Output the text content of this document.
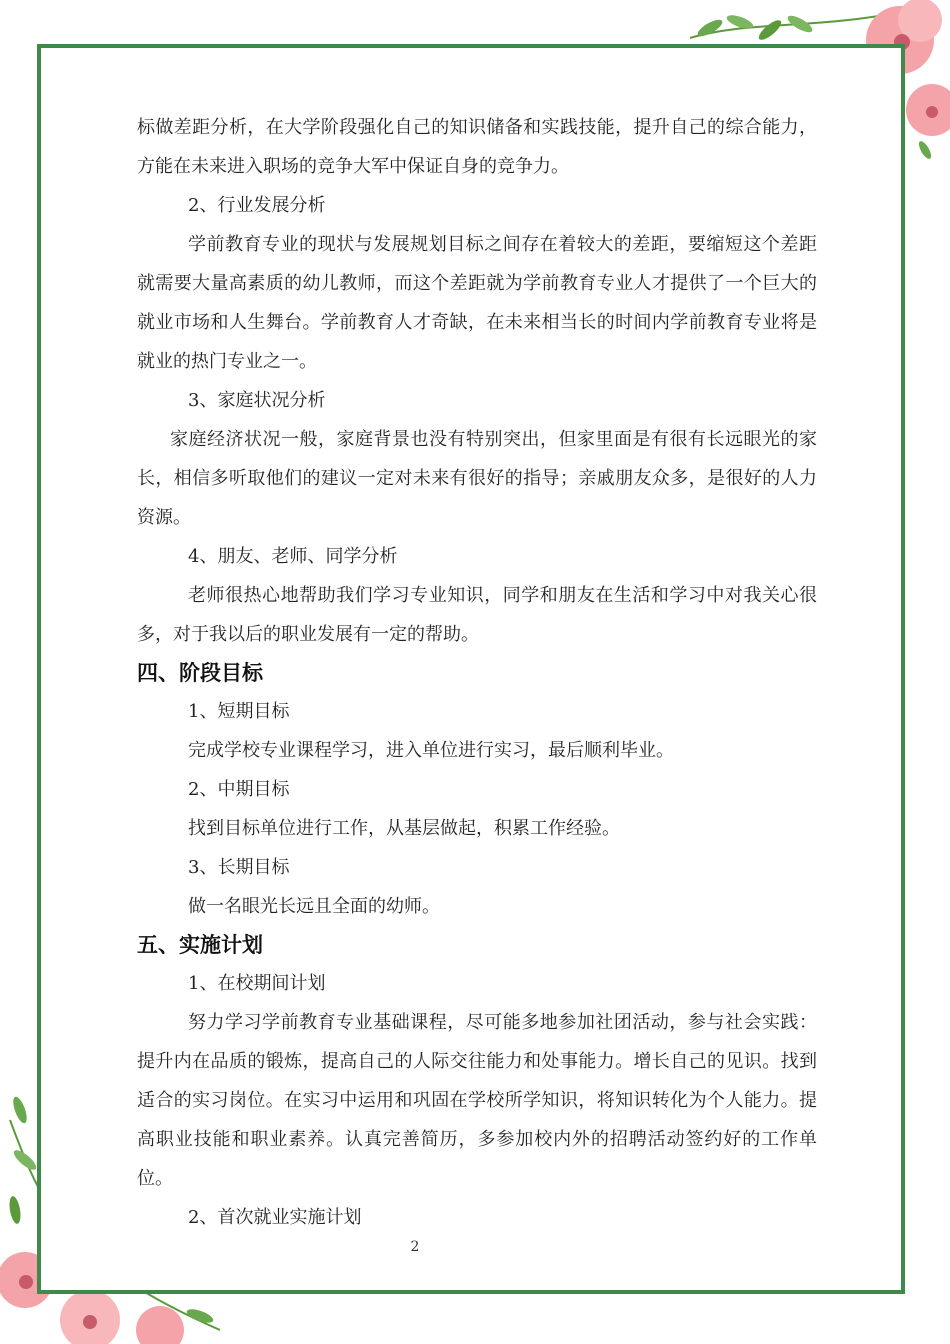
标做差距分析，在大学阶段强化自己的知识储备和实践技能，提升自己的综合能力，方能在未来进入职场的竞争大军中保证自身的竞争力。

2、行业发展分析

学前教育专业的现状与发展规划目标之间存在着较大的差距，要缩短这个差距就需要大量高素质的幼儿教师，而这个差距就为学前教育专业人才提供了一个巨大的就业市场和人生舞台。学前教育人才奇缺，在未来相当长的时间内学前教育专业将是就业的热门专业之一。

3、家庭状况分析

家庭经济状况一般，家庭背景也没有特别突出，但家里面是有很有长远眼光的家长，相信多听取他们的建议一定对未来有很好的指导；亲戚朋友众多，是很好的人力资源。

4、朋友、老师、同学分析

老师很热心地帮助我们学习专业知识，同学和朋友在生活和学习中对我关心很多，对于我以后的职业发展有一定的帮助。

四、阶段目标

1、短期目标

完成学校专业课程学习，进入单位进行实习，最后顺利毕业。

2、中期目标

找到目标单位进行工作，从基层做起，积累工作经验。

3、长期目标

做一名眼光长远且全面的幼师。

五、实施计划

1、在校期间计划

努力学习学前教育专业基础课程，尽可能多地参加社团活动，参与社会实践：提升内在品质的锻炼，提高自己的人际交往能力和处事能力。增长自己的见识。找到适合的实习岗位。在实习中运用和巩固在学校所学知识，将知识转化为个人能力。提高职业技能和职业素养。认真完善简历，多参加校内外的招聘活动签约好的工作单位。

2、首次就业实施计划

2
